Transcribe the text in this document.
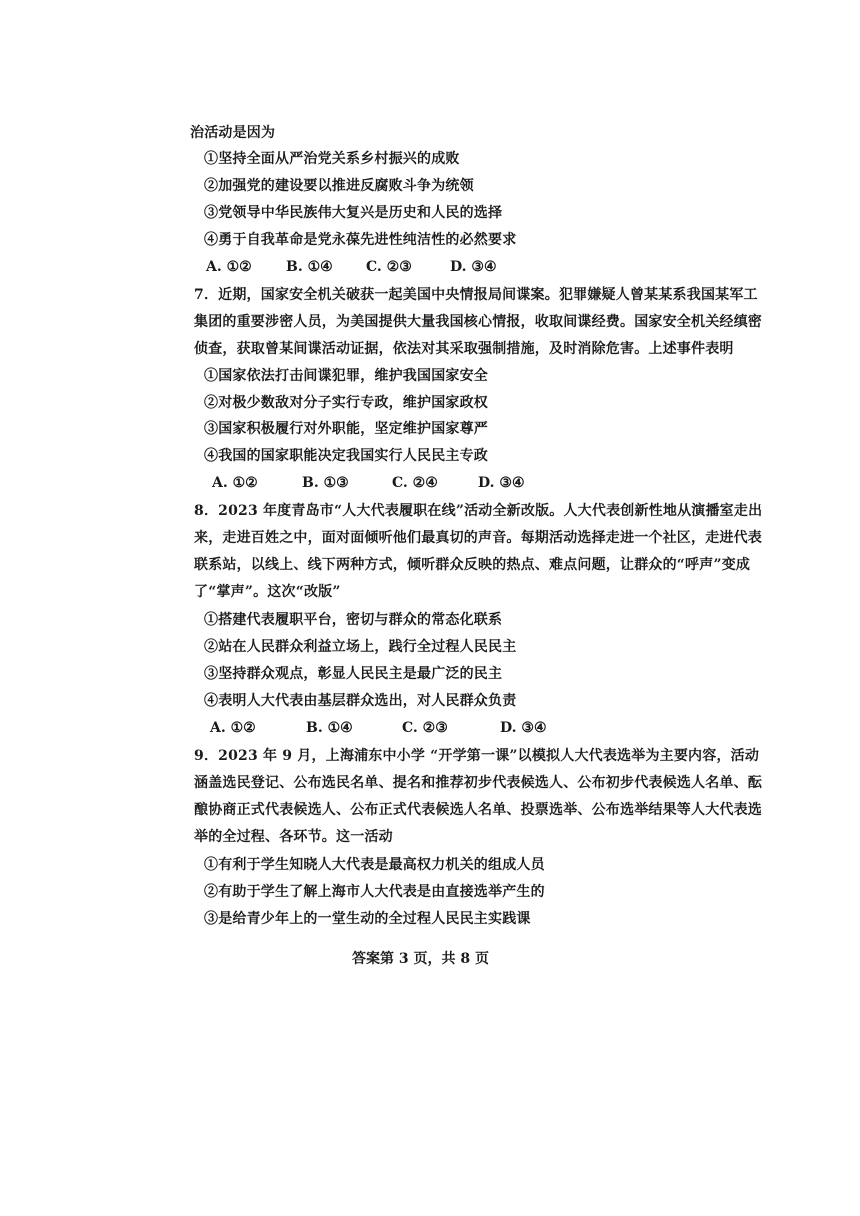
治活动是因为
①坚持全面从严治党关系乡村振兴的成败
②加强党的建设要以推进反腐败斗争为统领
③党领导中华民族伟大复兴是历史和人民的选择
④勇于自我革命是党永葆先进性纯洁性的必然要求
A. ①② B. ①④ C. ②③	D. ③④
7．近期，国家安全机关破获一起美国中央情报局间谍案。犯罪嫌疑人曾某某系我国某军工
集团的重要涉密人员，为美国提供大量我国核心情报，收取间谍经费。国家安全机关经缜密
侦查，获取曾某间谍活动证据，依法对其采取强制措施，及时消除危害。上述事件表明
①国家依法打击间谍犯罪，维护我国国家安全
②对极少数敌对分子实行专政，维护国家政权
③国家积极履行对外职能，坚定维护国家尊严
④我国的国家职能决定我国实行人民民主专政
A. ①②	B. ①③	C. ②④	D. ③④
8．2023 年度青岛市“人大代表履职在线”活动全新改版。人大代表创新性地从演播室走出
来，走进百姓之中，面对面倾听他们最真切的声音。每期活动选择走进一个社区，走进代表
联系站，以线上、线下两种方式，倾听群众反映的热点、难点问题，让群众的“呼声”变成
了“掌声”。这次“改版”
①搭建代表履职平台，密切与群众的常态化联系
②站在人民群众利益立场上，践行全过程人民民主
③坚持群众观点，彰显人民民主是最广泛的民主
④表明人大代表由基层群众选出，对人民群众负责
A. ①②	B. ①④	C. ②③	D. ③④
9．2023 年 9 月，上海浦东中小学 “开学第一课”以模拟人大代表选举为主要内容，活动
涵盖选民登记、公布选民名单、提名和推荐初步代表候选人、公布初步代表候选人名单、酝
酿协商正式代表候选人、公布正式代表候选人名单、投票选举、公布选举结果等人大代表选
举的全过程、各环节。这一活动
①有利于学生知晓人大代表是最高权力机关的组成人员
②有助于学生了解上海市人大代表是由直接选举产生的
③是给青少年上的一堂生动的全过程人民民主实践课
答案第 3 页，共 8 页
